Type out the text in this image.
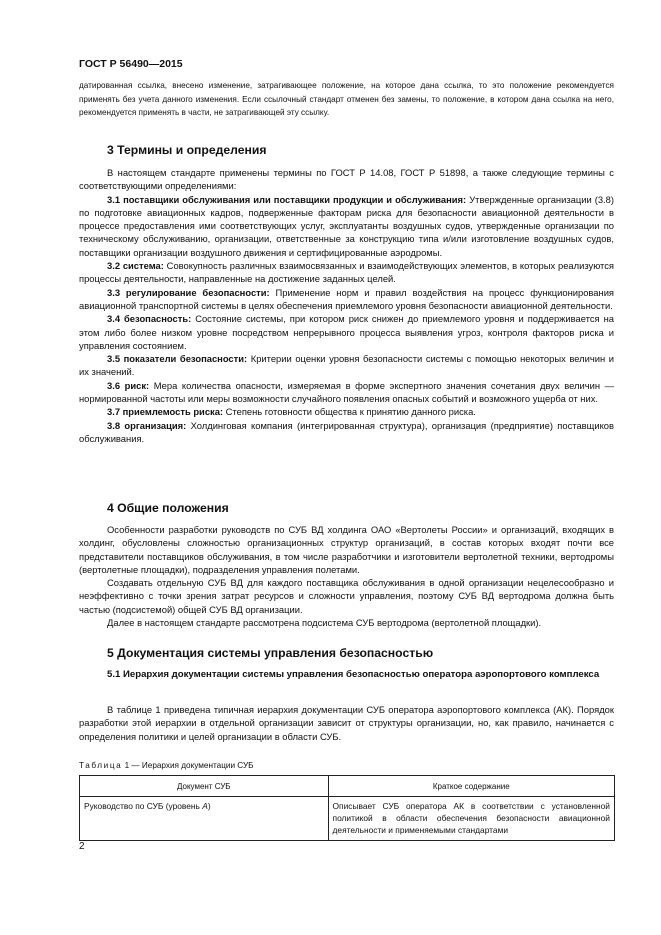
ГОСТ Р 56490—2015
датированная ссылка, внесено изменение, затрагивающее положение, на которое дана ссылка, то это положение рекомендуется применять без учета данного изменения. Если ссылочный стандарт отменен без замены, то положение, в котором дана ссылка на него, рекомендуется применять в части, не затрагивающей эту ссылку.
3 Термины и определения

В настоящем стандарте применены термины по ГОСТ Р 14.08, ГОСТ Р 51898, а также следующие термины с соответствующими определениями:

3.1 поставщики обслуживания или поставщики продукции и обслуживания: Утвержденные организации (3.8) по подготовке авиационных кадров, подверженные факторам риска для безопасности авиационной деятельности в процессе предоставления ими соответствующих услуг, эксплуатанты воздушных судов, утвержденные организации по техническому обслуживанию, организации, ответственные за конструкцию типа и/или изготовление воздушных судов, поставщики организации воздушного движения и сертифицированные аэродромы.

3.2 система: Совокупность различных взаимосвязанных и взаимодействующих элементов, в которых реализуются процессы деятельности, направленные на достижение заданных целей.

3.3 регулирование безопасности: Применение норм и правил воздействия на процесс функционирования авиационной транспортной системы в целях обеспечения приемлемого уровня безопасности авиационной деятельности.

3.4 безопасность: Состояние системы, при котором риск снижен до приемлемого уровня и поддерживается на этом либо более низком уровне посредством непрерывного процесса выявления угроз, контроля факторов риска и управления состоянием.

3.5 показатели безопасности: Критерии оценки уровня безопасности системы с помощью некоторых величин и их значений.

3.6 риск: Мера количества опасности, измеряемая в форме экспертного значения сочетания двух величин — нормированной частоты или меры возможности случайного появления опасных событий и возможного ущерба от них.

3.7 приемлемость риска: Степень готовности общества к принятию данного риска.

3.8 организация: Холдинговая компания (интегрированная структура), организация (предприятие) поставщиков обслуживания.

4 Общие положения

Особенности разработки руководств по СУБ ВД холдинга ОАО «Вертолеты России» и организаций, входящих в холдинг, обусловлены сложностью организационных структур организаций, в состав которых входят почти все представители поставщиков обслуживания, в том числе разработчики и изготовители вертолетной техники, вертодромы (вертолетные площадки), подразделения управления полетами.

Создавать отдельную СУБ ВД для каждого поставщика обслуживания в одной организации нецелесообразно и неэффективно с точки зрения затрат ресурсов и сложности управления, поэтому СУБ ВД вертодрома должна быть частью (подсистемой) общей СУБ ВД организации.

Далее в настоящем стандарте рассмотрена подсистема СУБ вертодрома (вертолетной площадки).

5 Документация системы управления безопасностью
5.1 Иерархия документации системы управления безопасностью оператора аэропортового комплекса

В таблице 1 приведена типичная иерархия документации СУБ оператора аэропортового комплекса (АК). Порядок разработки этой иерархии в отдельной организации зависит от структуры организации, но, как правило, начинается с определения политики и целей организации в области СУБ.

Таблица 1 — Иерархия документации СУБ
Документ СУБ	Краткое содержание
Руководство по СУБ (уровень А)	Описывает СУБ оператора АК в соответствии с установленной политикой в области обеспечения безопасности авиационной деятельности и применяемыми стандартами
2
